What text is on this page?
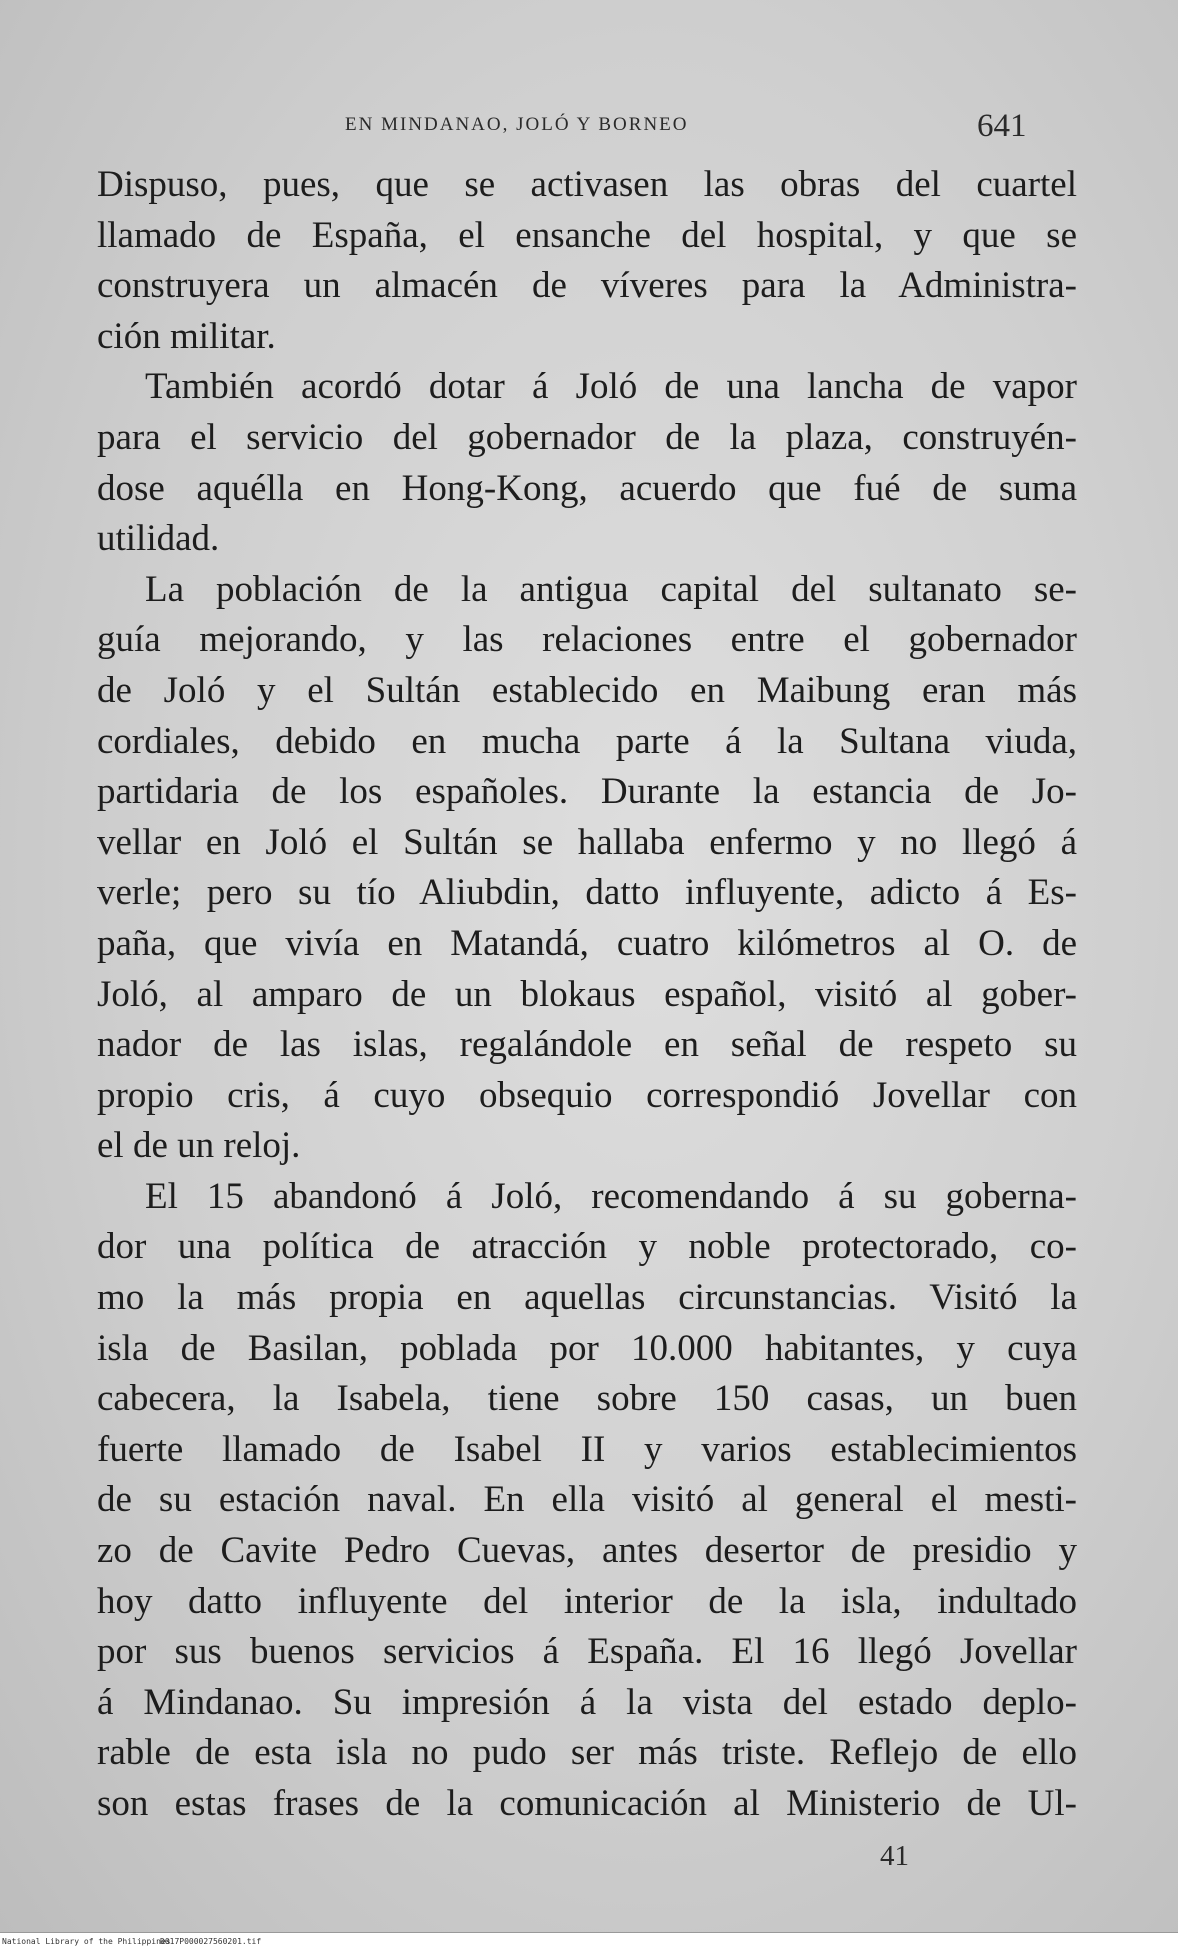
EN MINDANAO, JOLÓ Y BORNEO	641
Dispuso, pues, que se activasen las obras del cuartel
llamado de España, el ensanche del hospital, y que se
construyera un almacén de víveres para la Administra-
ción militar.
También acordó dotar á Joló de una lancha de vapor
para el servicio del gobernador de la plaza, construyén-
dose aquélla en Hong-Kong, acuerdo que fué de suma
utilidad.
La población de la antigua capital del sultanato se-
guía mejorando, y las relaciones entre el gobernador
de Joló y el Sultán establecido en Maibung eran más
cordiales, debido en mucha parte á la Sultana viuda,
partidaria de los españoles. Durante la estancia de Jo-
vellar en Joló el Sultán se hallaba enfermo y no llegó á
verle; pero su tío Aliubdin, datto influyente, adicto á Es-
paña, que vivía en Matandá, cuatro kilómetros al O. de
Joló, al amparo de un blokaus español, visitó al gober-
nador de las islas, regalándole en señal de respeto su
propio cris, á cuyo obsequio correspondió Jovellar con
el de un reloj.
El 15 abandonó á Joló, recomendando á su goberna-
dor una política de atracción y noble protectorado, co-
mo la más propia en aquellas circunstancias. Visitó la
isla de Basilan, poblada por 10.000 habitantes, y cuya
cabecera, la Isabela, tiene sobre 150 casas, un buen
fuerte llamado de Isabel II y varios establecimientos
de su estación naval. En ella visitó al general el mesti-
zo de Cavite Pedro Cuevas, antes desertor de presidio y
hoy datto influyente del interior de la isla, indultado
por sus buenos servicios á España. El 16 llegó Jovellar
á Mindanao. Su impresión á la vista del estado deplo-
rable de esta isla no pudo ser más triste. Reflejo de ello
son estas frases de la comunicación al Ministerio de Ul-
41
National Library of the Philippines
D017P000027560201.tif
